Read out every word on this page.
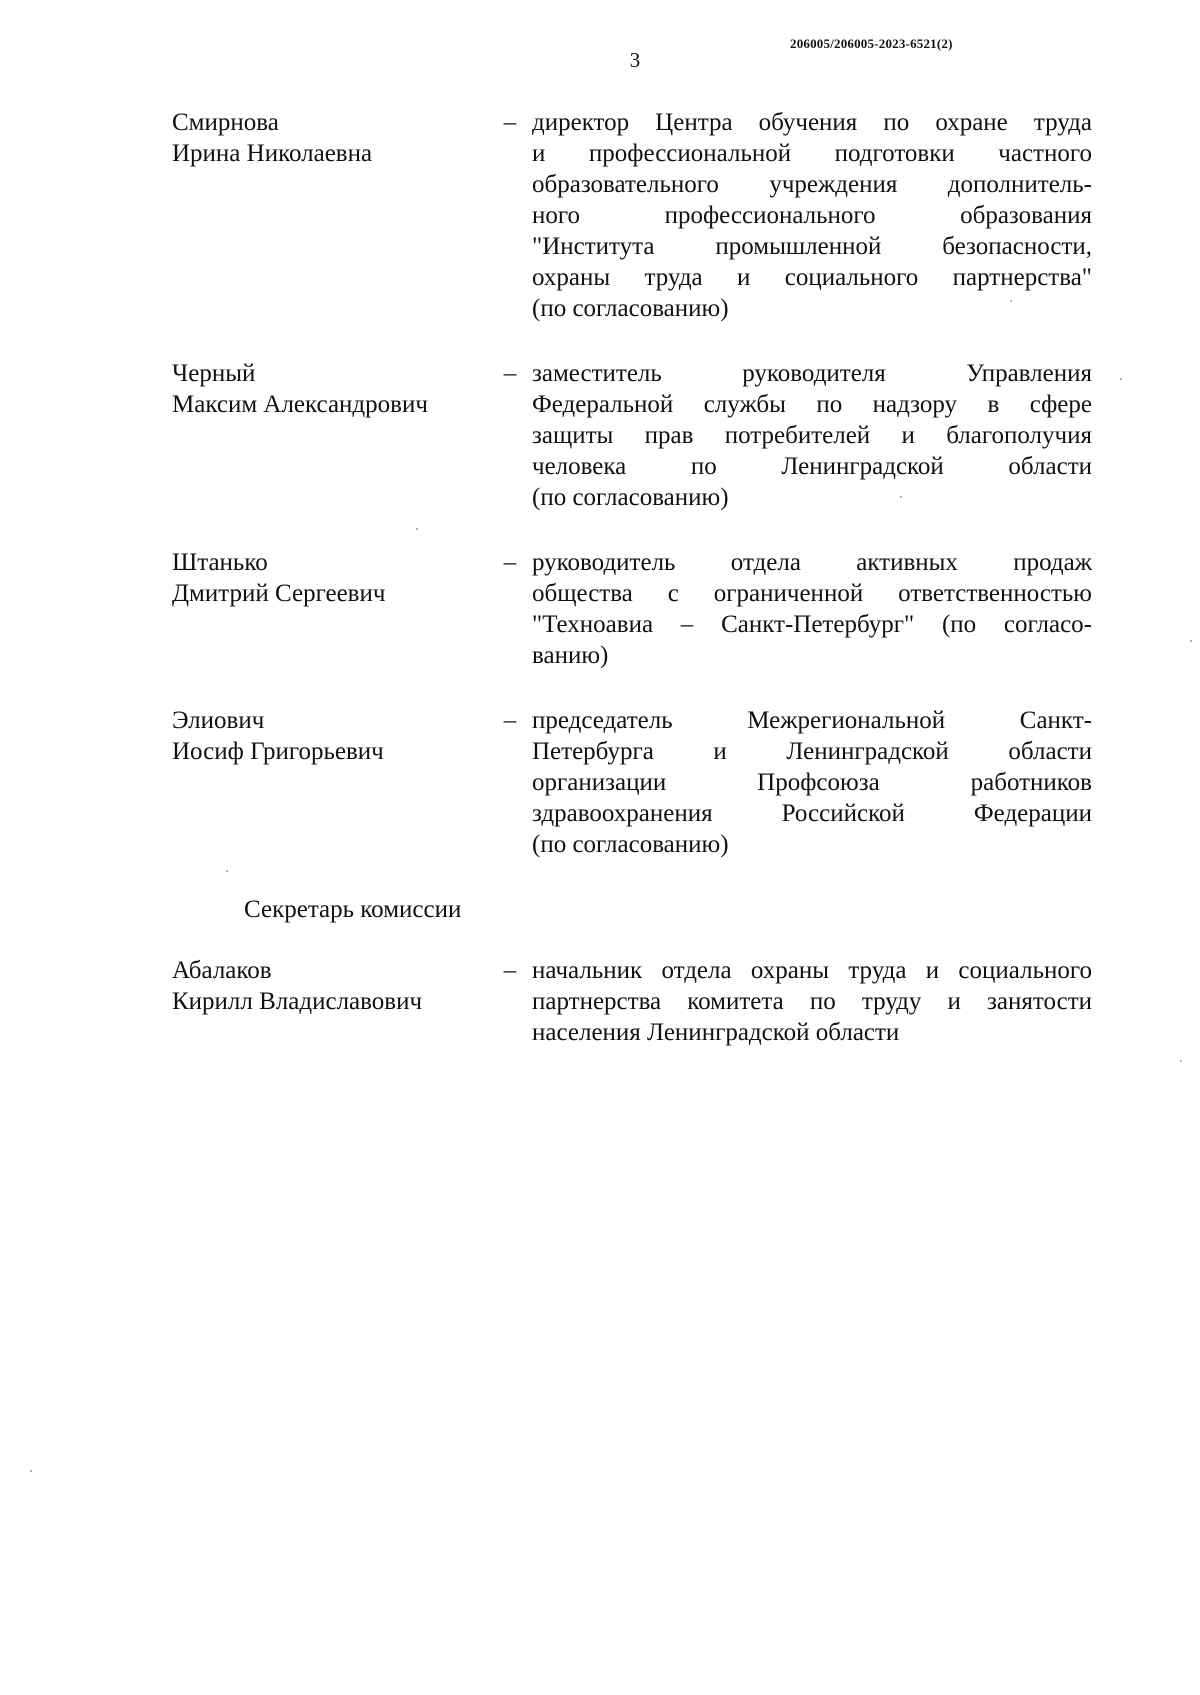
206005/206005-2023-6521(2)
3
Смирнова
Ирина Николаевна
– директор Центра обучения по охране труда
и профессиональной подготовки частного
образовательного учреждения дополнитель-
ного профессионального образования
"Института промышленной безопасности,
охраны труда и социального партнерства"
(по согласованию)
Черный
Максим Александрович
– заместитель руководителя Управления
Федеральной службы по надзору в сфере
защиты прав потребителей и благополучия
человека по Ленинградской области
(по согласованию)
Штанько
Дмитрий Сергеевич
– руководитель отдела активных продаж
общества с ограниченной ответственностью
"Техноавиа – Санкт-Петербург" (по согласо-
ванию)
Элиович
Иосиф Григорьевич
– председатель Межрегиональной Санкт-
Петербурга и Ленинградской области
организации Профсоюза работников
здравоохранения Российской Федерации
(по согласованию)
Секретарь комиссии
Абалаков
Кирилл Владиславович
– начальник отдела охраны труда и социального
партнерства комитета по труду и занятости
населения Ленинградской области
